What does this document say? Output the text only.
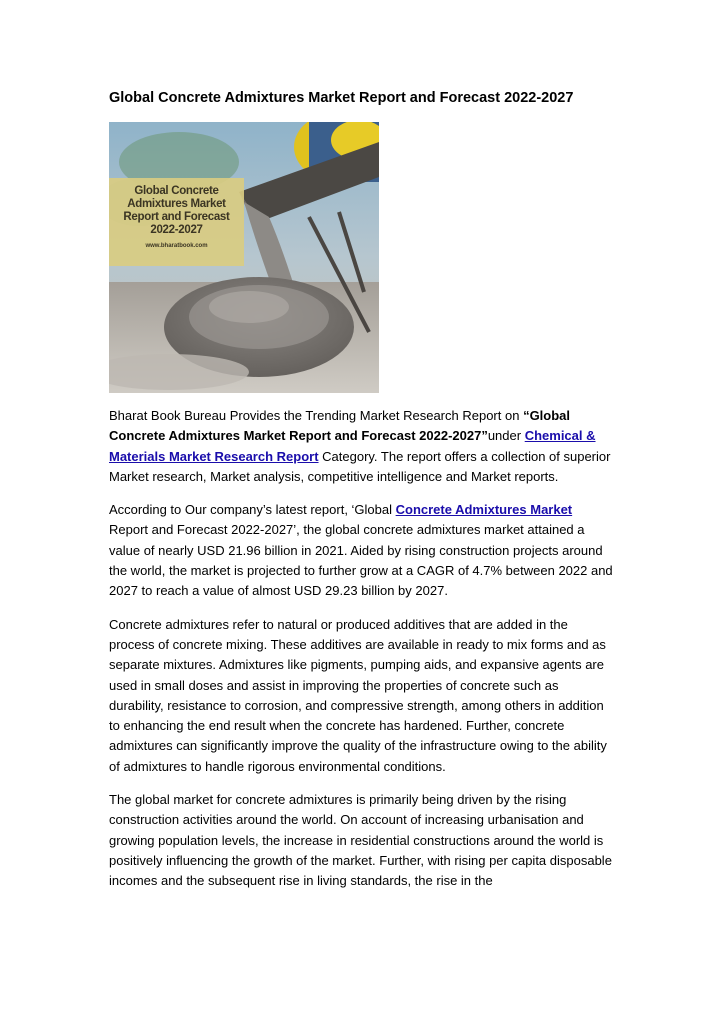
Global Concrete Admixtures Market Report and Forecast 2022-2027
Global Concrete
Admixtures Market
Report and Forecast
2022-2027
www.bharatbook.com

Bharat Book Bureau Provides the Trending Market Research Report on “Global Concrete Admixtures Market Report and Forecast 2022-2027”under Chemical & Materials Market Research Report Category. The report offers a collection of superior Market research, Market analysis, competitive intelligence and Market reports.

According to Our company’s latest report, ‘Global Concrete Admixtures Market Report and Forecast 2022-2027’, the global concrete admixtures market attained a value of nearly USD 21.96 billion in 2021. Aided by rising construction projects around the world, the market is projected to further grow at a CAGR of 4.7% between 2022 and 2027 to reach a value of almost USD 29.23 billion by 2027.

Concrete admixtures refer to natural or produced additives that are added in the process of concrete mixing. These additives are available in ready to mix forms and as separate mixtures. Admixtures like pigments, pumping aids, and expansive agents are used in small doses and assist in improving the properties of concrete such as durability, resistance to corrosion, and compressive strength, among others in addition to enhancing the end result when the concrete has hardened. Further, concrete admixtures can significantly improve the quality of the infrastructure owing to the ability of admixtures to handle rigorous environmental conditions.

The global market for concrete admixtures is primarily being driven by the rising construction activities around the world. On account of increasing urbanisation and growing population levels, the increase in residential constructions around the world is positively influencing the growth of the market. Further, with rising per capita disposable incomes and the subsequent rise in living standards, the rise in the
